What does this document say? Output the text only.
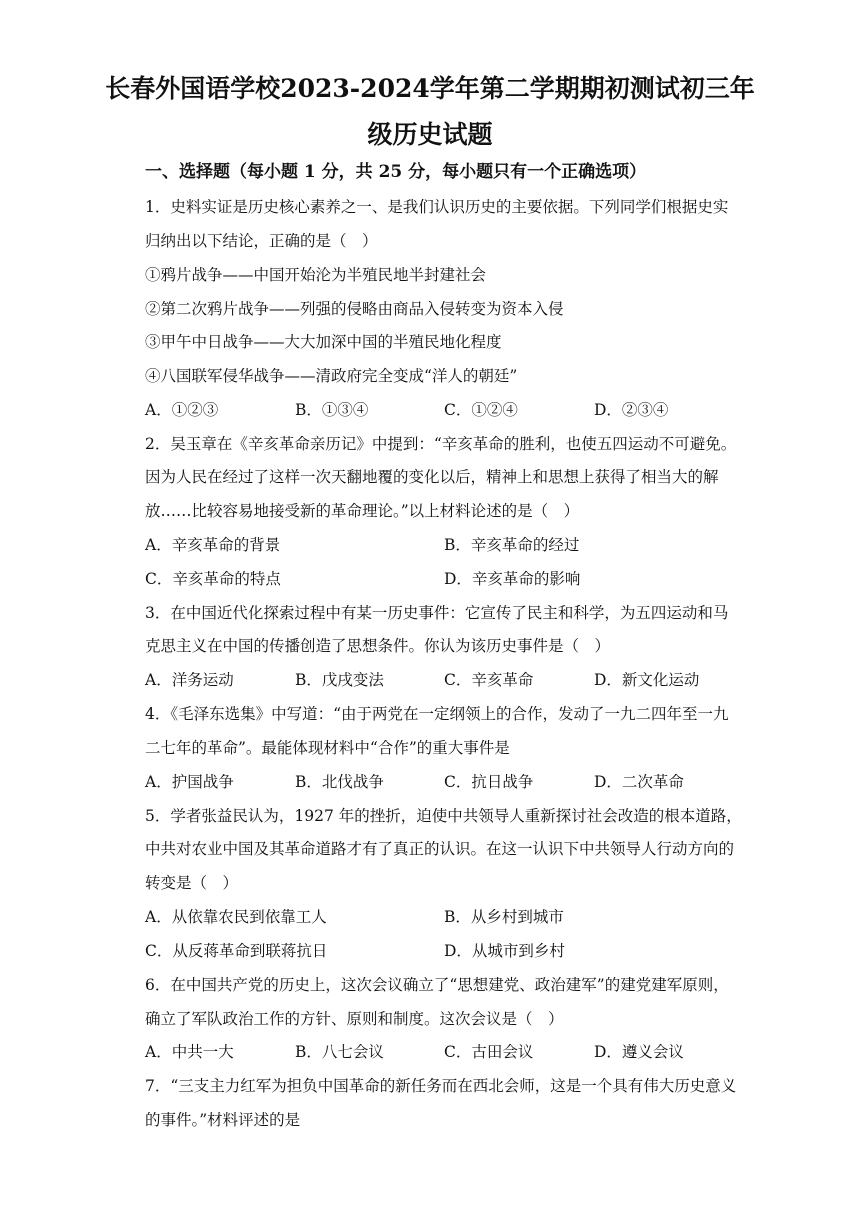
长春外国语学校2023-2024学年第二学期期初测试初三年
级历史试题
一、选择题（每小题 1 分，共 25 分，每小题只有一个正确选项）
1．史料实证是历史核心素养之一、是我们认识历史的主要依据。下列同学们根据史实
归纳出以下结论，正确的是（　）
①鸦片战争——中国开始沦为半殖民地半封建社会
②第二次鸦片战争——列强的侵略由商品入侵转变为资本入侵
③甲午中日战争——大大加深中国的半殖民地化程度
④八国联军侵华战争——清政府完全变成“洋人的朝廷”
A．①②③	B．①③④	C．①②④	D．②③④
2．吴玉章在《辛亥革命亲历记》中提到：“辛亥革命的胜利，也使五四运动不可避免。
因为人民在经过了这样一次天翻地覆的变化以后，精神上和思想上获得了相当大的解
放……比较容易地接受新的革命理论。”以上材料论述的是（　）
A．辛亥革命的背景	B．辛亥革命的经过
C．辛亥革命的特点	D．辛亥革命的影响
3．在中国近代化探索过程中有某一历史事件：它宣传了民主和科学，为五四运动和马
克思主义在中国的传播创造了思想条件。你认为该历史事件是（　）
A．洋务运动	B．戊戌变法	C．辛亥革命	D．新文化运动
4．《毛泽东选集》中写道：“由于两党在一定纲领上的合作，发动了一九二四年至一九
二七年的革命”。最能体现材料中“合作”的重大事件是
A．护国战争	B．北伐战争	C．抗日战争	D．二次革命
5．学者张益民认为，1927 年的挫折，迫使中共领导人重新探讨社会改造的根本道路，
中共对农业中国及其革命道路才有了真正的认识。在这一认识下中共领导人行动方向的
转变是（　）
A．从依靠农民到依靠工人	B．从乡村到城市
C．从反蒋革命到联蒋抗日	D．从城市到乡村
6．在中国共产党的历史上，这次会议确立了“思想建党、政治建军”的建党建军原则，
确立了军队政治工作的方针、原则和制度。这次会议是（　）
A．中共一大	B．八七会议	C．古田会议	D．遵义会议
7．“三支主力红军为担负中国革命的新任务而在西北会师，这是一个具有伟大历史意义
的事件。”材料评述的是
